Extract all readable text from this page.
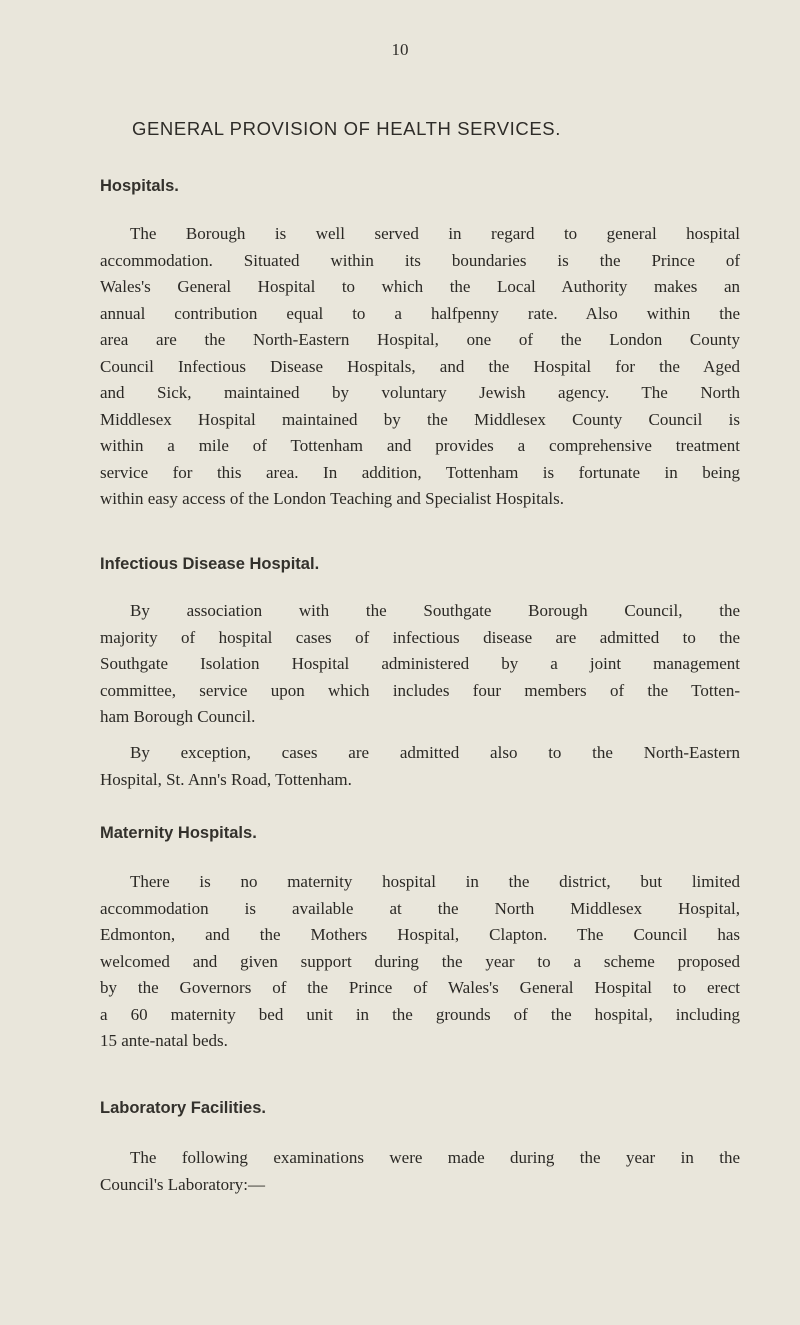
10
GENERAL PROVISION OF HEALTH SERVICES.
Hospitals.
The Borough is well served in regard to general hospital
accommodation. Situated within its boundaries is the Prince of
Wales's General Hospital to which the Local Authority makes an
annual contribution equal to a halfpenny rate. Also within the
area are the North-Eastern Hospital, one of the London County
Council Infectious Disease Hospitals, and the Hospital for the Aged
and Sick, maintained by voluntary Jewish agency. The North
Middlesex Hospital maintained by the Middlesex County Council is
within a mile of Tottenham and provides a comprehensive treatment
service for this area. In addition, Tottenham is fortunate in being
within easy access of the London Teaching and Specialist Hospitals.
Infectious Disease Hospital.
By association with the Southgate Borough Council, the
majority of hospital cases of infectious disease are admitted to the
Southgate Isolation Hospital administered by a joint management
committee, service upon which includes four members of the Totten-
ham Borough Council.
By exception, cases are admitted also to the North-Eastern
Hospital, St. Ann's Road, Tottenham.
Maternity Hospitals.
There is no maternity hospital in the district, but limited
accommodation is available at the North Middlesex Hospital,
Edmonton, and the Mothers Hospital, Clapton. The Council has
welcomed and given support during the year to a scheme proposed
by the Governors of the Prince of Wales's General Hospital to erect
a 60 maternity bed unit in the grounds of the hospital, including
15 ante-natal beds.
Laboratory Facilities.
The following examinations were made during the year in the
Council's Laboratory:—
